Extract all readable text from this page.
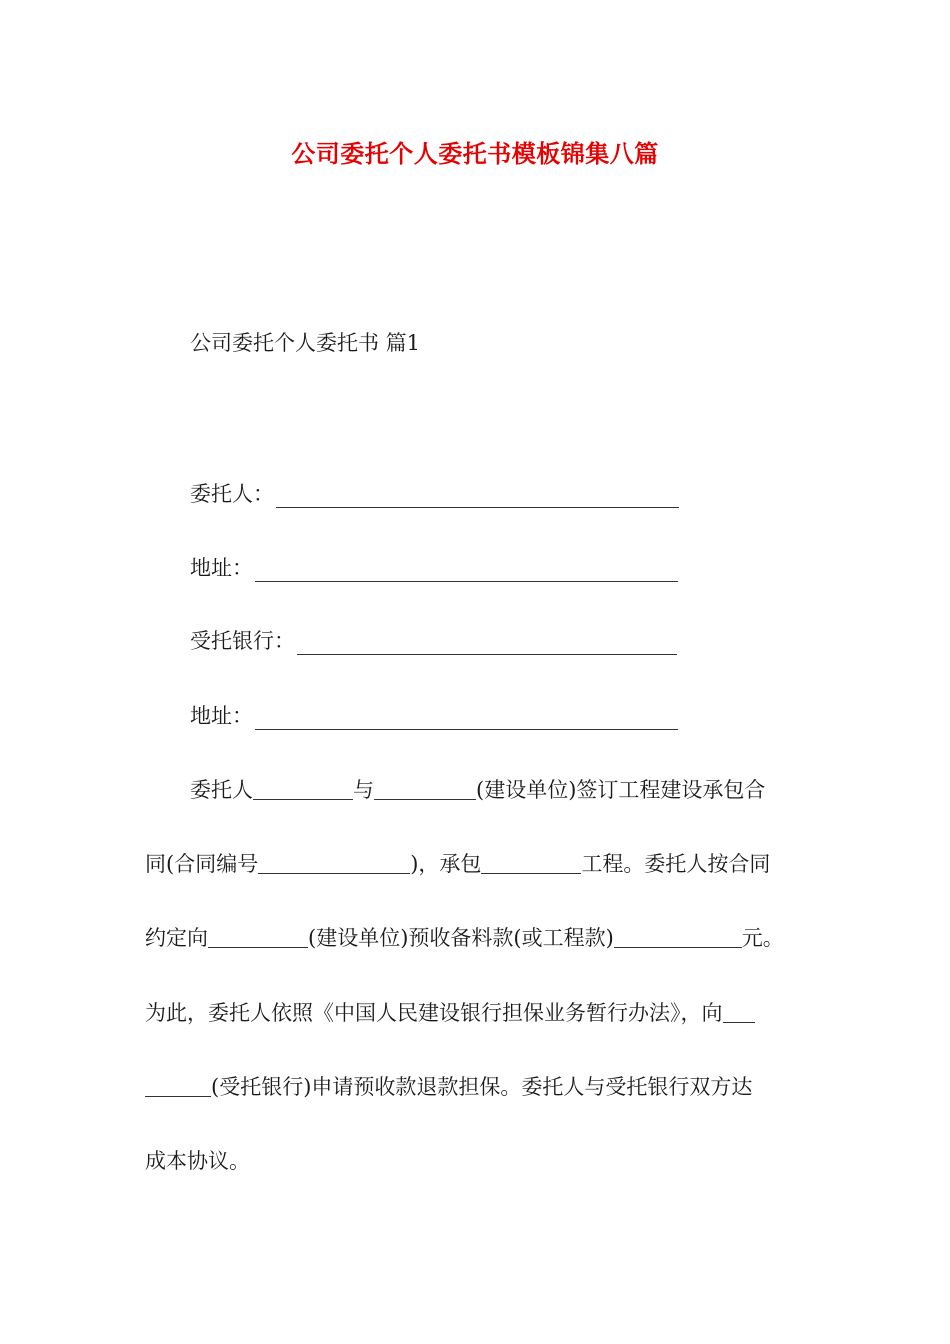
公司委托个人委托书模板锦集八篇
公司委托个人委托书 篇1
委托人：
地址：
受托银行：
地址：
委托人	与	(建设单位)签订工程建设承包合
同(合同编号	)，承包	工程。委托人按合同
约定向	(建设单位)预收备料款(或工程款)	元。
为此，委托人依照《中国人民建设银行担保业务暂行办法》，向
(受托银行)申请预收款退款担保。委托人与受托银行双方达
成本协议。
